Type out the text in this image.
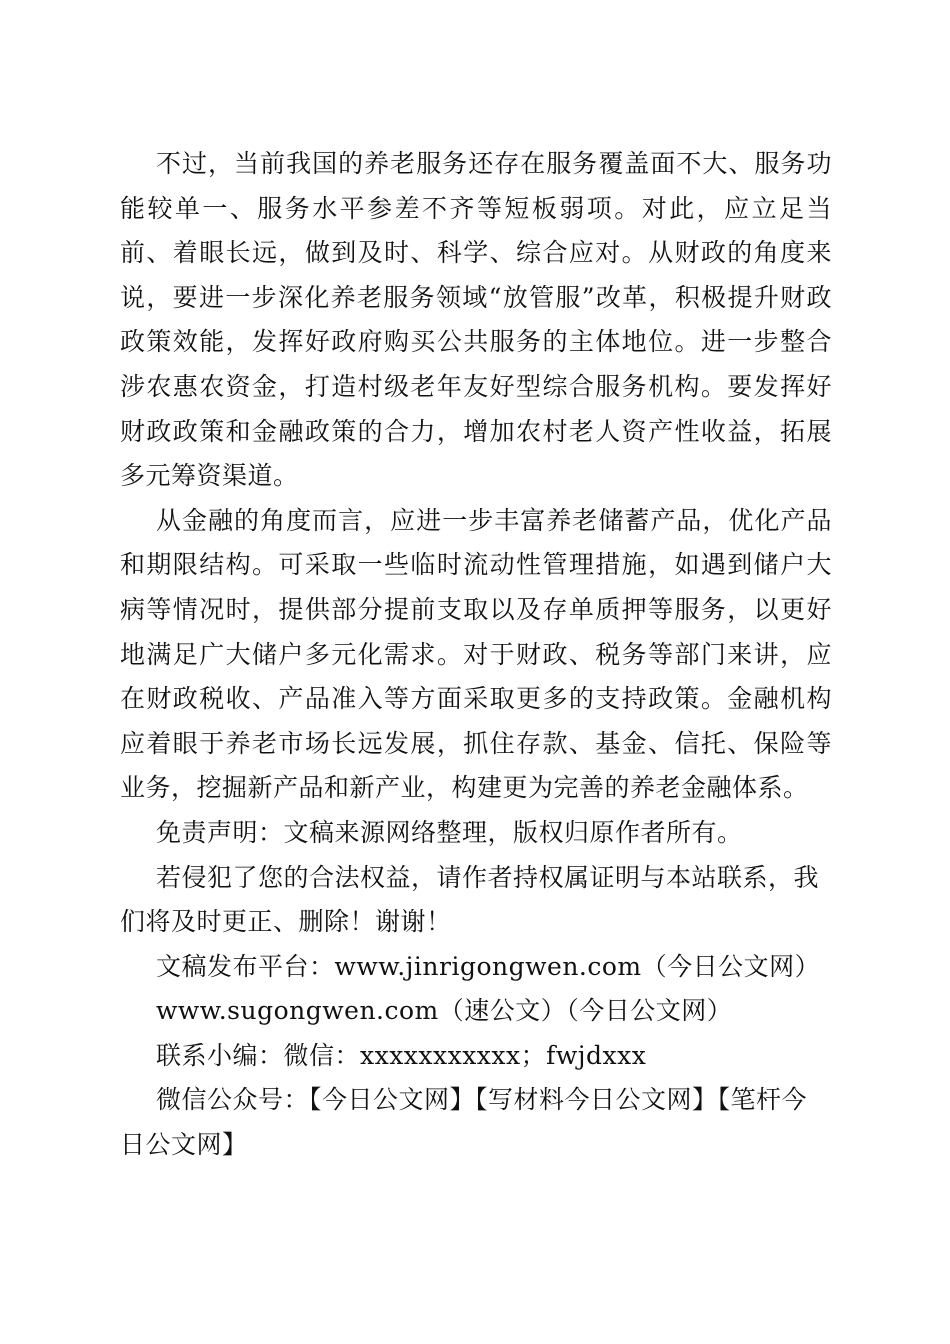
不过，当前我国的养老服务还存在服务覆盖面不大、服务功能较单一、服务水平参差不齐等短板弱项。对此，应立足当前、着眼长远，做到及时、科学、综合应对。从财政的角度来说，要进一步深化养老服务领域“放管服”改革，积极提升财政政策效能，发挥好政府购买公共服务的主体地位。进一步整合涉农惠农资金，打造村级老年友好型综合服务机构。要发挥好财政政策和金融政策的合力，增加农村老人资产性收益，拓展多元筹资渠道。

从金融的角度而言，应进一步丰富养老储蓄产品，优化产品和期限结构。可采取一些临时流动性管理措施，如遇到储户大病等情况时，提供部分提前支取以及存单质押等服务，以更好地满足广大储户多元化需求。对于财政、税务等部门来讲，应在财政税收、产品准入等方面采取更多的支持政策。金融机构应着眼于养老市场长远发展，抓住存款、基金、信托、保险等业务，挖掘新产品和新产业，构建更为完善的养老金融体系。

免责声明：文稿来源网络整理，版权归原作者所有。

若侵犯了您的合法权益，请作者持权属证明与本站联系，我们将及时更正、删除！谢谢！

文稿发布平台：www.jinrigongwen.com（今日公文网）

www.sugongwen.com（速公文）（今日公文网）

联系小编：微信：xxxxxxxxxxx；fwjdxxx

微信公众号：【今日公文网】【写材料今日公文网】【笔杆今日公文网】
